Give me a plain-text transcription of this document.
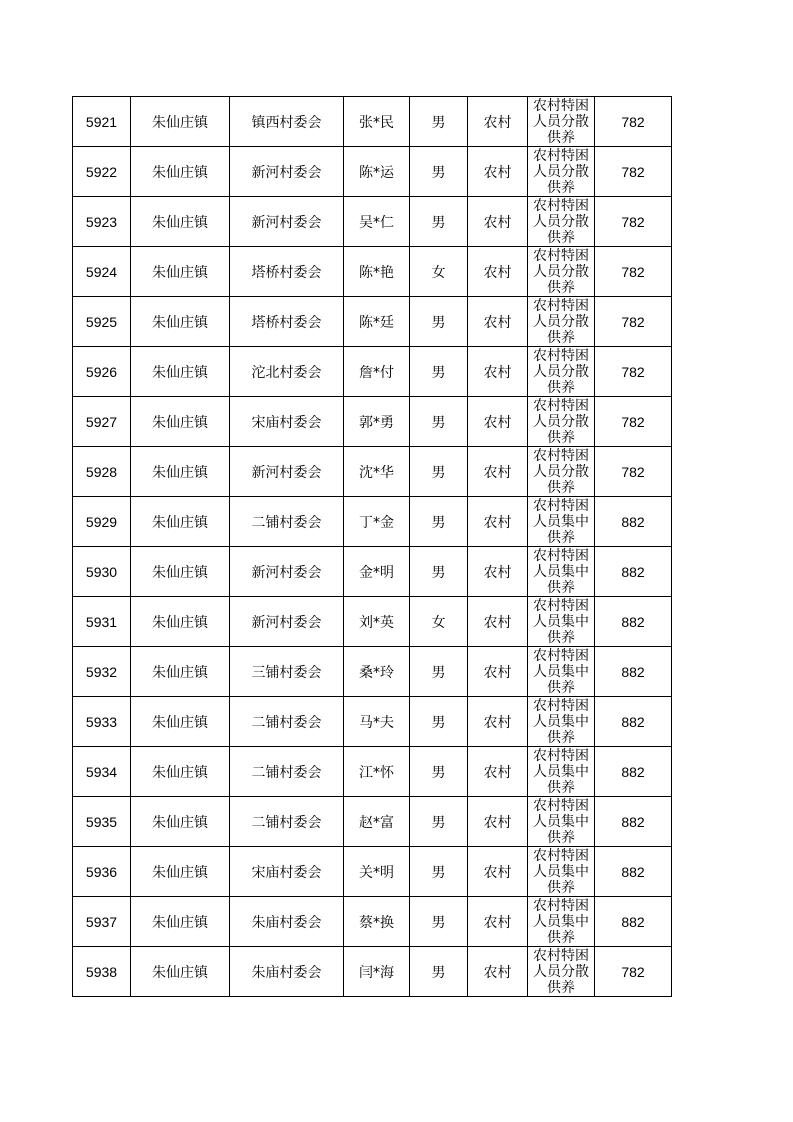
5921	朱仙庄镇	镇西村委会	张*民	男	农村	农村特困人员分散供养	782
5922	朱仙庄镇	新河村委会	陈*运	男	农村	农村特困人员分散供养	782
5923	朱仙庄镇	新河村委会	吴*仁	男	农村	农村特困人员分散供养	782
5924	朱仙庄镇	塔桥村委会	陈*艳	女	农村	农村特困人员分散供养	782
5925	朱仙庄镇	塔桥村委会	陈*廷	男	农村	农村特困人员分散供养	782
5926	朱仙庄镇	沱北村委会	詹*付	男	农村	农村特困人员分散供养	782
5927	朱仙庄镇	宋庙村委会	郭*勇	男	农村	农村特困人员分散供养	782
5928	朱仙庄镇	新河村委会	沈*华	男	农村	农村特困人员分散供养	782
5929	朱仙庄镇	二铺村委会	丁*金	男	农村	农村特困人员集中供养	882
5930	朱仙庄镇	新河村委会	金*明	男	农村	农村特困人员集中供养	882
5931	朱仙庄镇	新河村委会	刘*英	女	农村	农村特困人员集中供养	882
5932	朱仙庄镇	三铺村委会	桑*玲	男	农村	农村特困人员集中供养	882
5933	朱仙庄镇	二铺村委会	马*夫	男	农村	农村特困人员集中供养	882
5934	朱仙庄镇	二铺村委会	江*怀	男	农村	农村特困人员集中供养	882
5935	朱仙庄镇	二铺村委会	赵*富	男	农村	农村特困人员集中供养	882
5936	朱仙庄镇	宋庙村委会	关*明	男	农村	农村特困人员集中供养	882
5937	朱仙庄镇	朱庙村委会	蔡*换	男	农村	农村特困人员集中供养	882
5938	朱仙庄镇	朱庙村委会	闫*海	男	农村	农村特困人员分散供养	782
